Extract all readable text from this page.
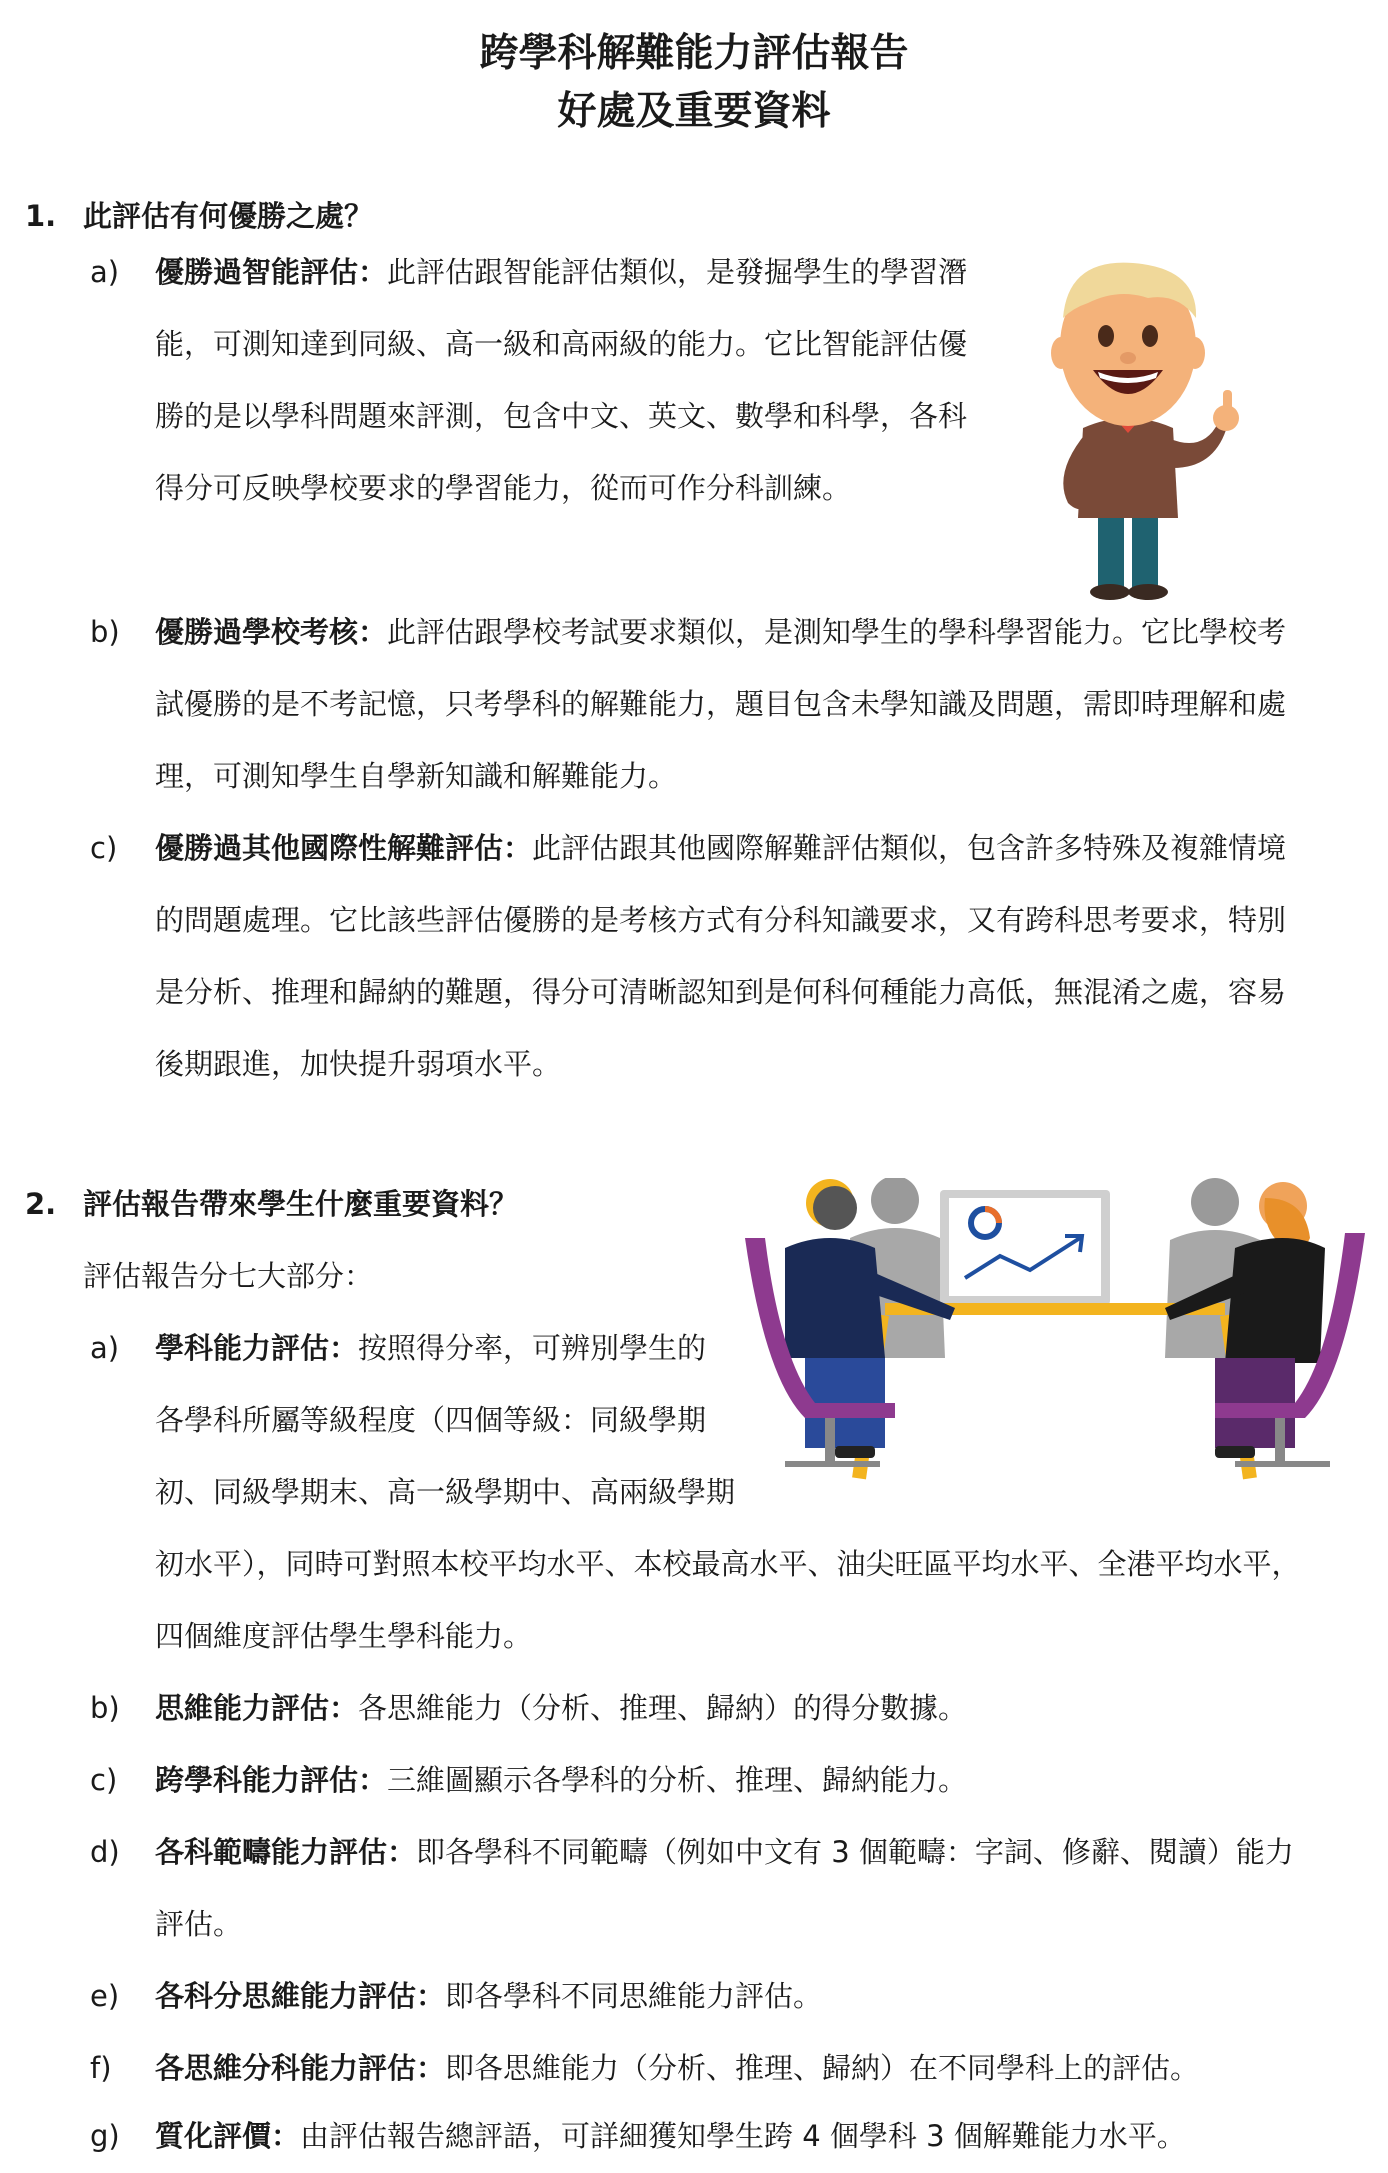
跨學科解難能力評估報告
好處及重要資料
1. 此評估有何優勝之處？
a)	優勝過智能評估：此評估跟智能評估類似，是發掘學生的學習潛能，可測知達到同級、高一級和高兩級的能力。它比智能評估優勝的是以學科問題來評測，包含中文、英文、數學和科學，各科得分可反映學校要求的學習能力，從而可作分科訓練。
b)	優勝過學校考核：此評估跟學校考試要求類似，是測知學生的學科學習能力。它比學校考試優勝的是不考記憶，只考學科的解難能力，題目包含未學知識及問題，需即時理解和處理，可測知學生自學新知識和解難能力。
c)	優勝過其他國際性解難評估：此評估跟其他國際解難評估類似，包含許多特殊及複雜情境的問題處理。它比該些評估優勝的是考核方式有分科知識要求，又有跨科思考要求，特別是分析、推理和歸納的難題，得分可清晰認知到是何科何種能力高低，無混淆之處，容易後期跟進，加快提升弱項水平。
2. 評估報告帶來學生什麼重要資料？
評估報告分七大部分：
a)	學科能力評估：按照得分率，可辨別學生的各學科所屬等級程度（四個等級：同級學期初、同級學期末、高一級學期中、高兩級學期初水平），同時可對照本校平均水平、本校最高水平、油尖旺區平均水平、全港平均水平，四個維度評估學生學科能力。
b)	思維能力評估：各思維能力（分析、推理、歸納）的得分數據。
c)	跨學科能力評估：三維圖顯示各學科的分析、推理、歸納能力。
d)	各科範疇能力評估：即各學科不同範疇（例如中文有 3 個範疇：字詞、修辭、閱讀）能力評估。
e)	各科分思維能力評估：即各學科不同思維能力評估。
f)	各思維分科能力評估：即各思維能力（分析、推理、歸納）在不同學科上的評估。
g)	質化評價：由評估報告總評語，可詳細獲知學生跨 4 個學科 3 個解難能力水平。
